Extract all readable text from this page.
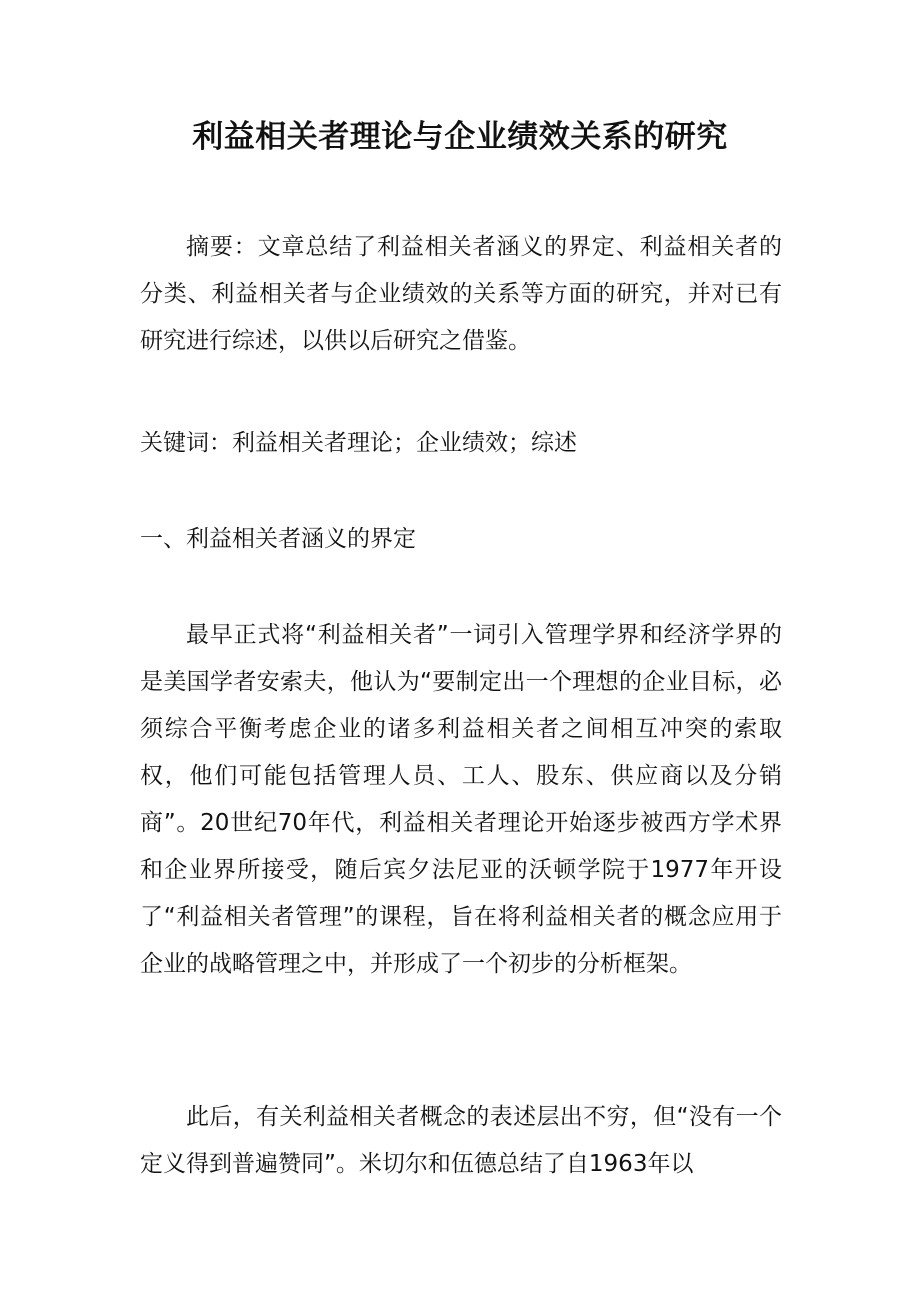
利益相关者理论与企业绩效关系的研究

摘要：文章总结了利益相关者涵义的界定、利益相关者的分类、利益相关者与企业绩效的关系等方面的研究，并对已有研究进行综述，以供以后研究之借鉴。

关键词：利益相关者理论；企业绩效；综述

一、利益相关者涵义的界定

最早正式将“利益相关者”一词引入管理学界和经济学界的是美国学者安索夫，他认为“要制定出一个理想的企业目标，必须综合平衡考虑企业的诸多利益相关者之间相互冲突的索取权，他们可能包括管理人员、工人、股东、供应商以及分销商”。20世纪70年代，利益相关者理论开始逐步被西方学术界和企业界所接受，随后宾夕法尼亚的沃顿学院于1977年开设了“利益相关者管理”的课程，旨在将利益相关者的概念应用于企业的战略管理之中，并形成了一个初步的分析框架。

此后，有关利益相关者概念的表述层出不穷，但“没有一个定义得到普遍赞同”。米切尔和伍德总结了自1963年以
